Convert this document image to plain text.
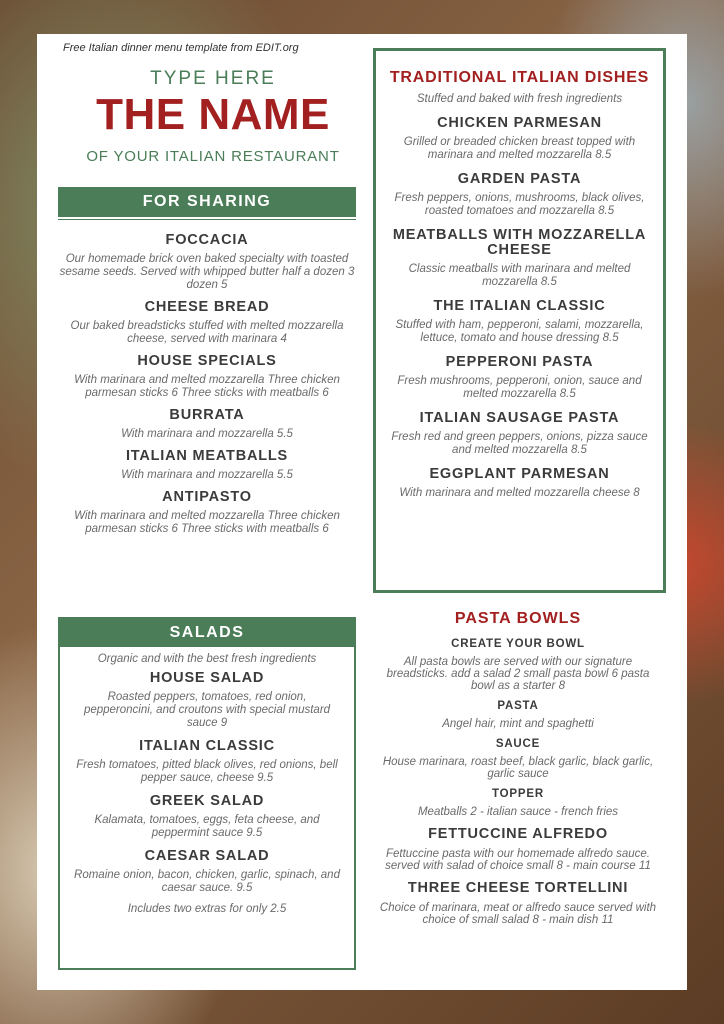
Free Italian dinner menu template from EDIT.org
TYPE HERE
THE NAME
OF YOUR ITALIAN RESTAURANT
FOR SHARING
FOCCACIA
Our homemade brick oven baked specialty with toasted sesame seeds. Served with whipped butter half a dozen 3 dozen 5
CHEESE BREAD
Our baked breadsticks stuffed with melted mozzarella cheese, served with marinara 4
HOUSE SPECIALS
With marinara and melted mozzarella Three chicken parmesan sticks 6 Three sticks with meatballs 6
BURRATA
With marinara and mozzarella 5.5
ITALIAN MEATBALLS
With marinara and mozzarella 5.5
ANTIPASTO
With marinara and melted mozzarella Three chicken parmesan sticks 6 Three sticks with meatballs 6
SALADS
Organic and with the best fresh ingredients
HOUSE SALAD
Roasted peppers, tomatoes, red onion, pepperoncini, and croutons with special mustard sauce 9
ITALIAN CLASSIC
Fresh tomatoes, pitted black olives, red onions, bell pepper sauce, cheese 9.5
GREEK SALAD
Kalamata, tomatoes, eggs, feta cheese, and peppermint sauce 9.5
CAESAR SALAD
Romaine onion, bacon, chicken, garlic, spinach, and caesar sauce. 9.5
Includes two extras for only 2.5
TRADITIONAL ITALIAN DISHES
Stuffed and baked with fresh ingredients
CHICKEN PARMESAN
Grilled or breaded chicken breast topped with marinara and melted mozzarella 8.5
GARDEN PASTA
Fresh peppers, onions, mushrooms, black olives, roasted tomatoes and mozzarella 8.5
MEATBALLS WITH MOZZARELLA CHEESE
Classic meatballs with marinara and melted mozzarella 8.5
THE ITALIAN CLASSIC
Stuffed with ham, pepperoni, salami, mozzarella, lettuce, tomato and house dressing 8.5
PEPPERONI PASTA
Fresh mushrooms, pepperoni, onion, sauce and melted mozzarella 8.5
ITALIAN SAUSAGE PASTA
Fresh red and green peppers, onions, pizza sauce and melted mozzarella 8.5
EGGPLANT PARMESAN
With marinara and melted mozzarella cheese 8
PASTA BOWLS
CREATE YOUR BOWL
All pasta bowls are served with our signature breadsticks. add a salad 2 small pasta bowl 6 pasta bowl as a starter 8
PASTA
Angel hair, mint and spaghetti
SAUCE
House marinara, roast beef, black garlic, black garlic, garlic sauce
TOPPER
Meatballs 2 - italian sauce - french fries
FETTUCCINE ALFREDO
Fettuccine pasta with our homemade alfredo sauce. served with salad of choice small 8 - main course 11
THREE CHEESE TORTELLINI
Choice of marinara, meat or alfredo sauce served with choice of small salad 8 - main dish 11
